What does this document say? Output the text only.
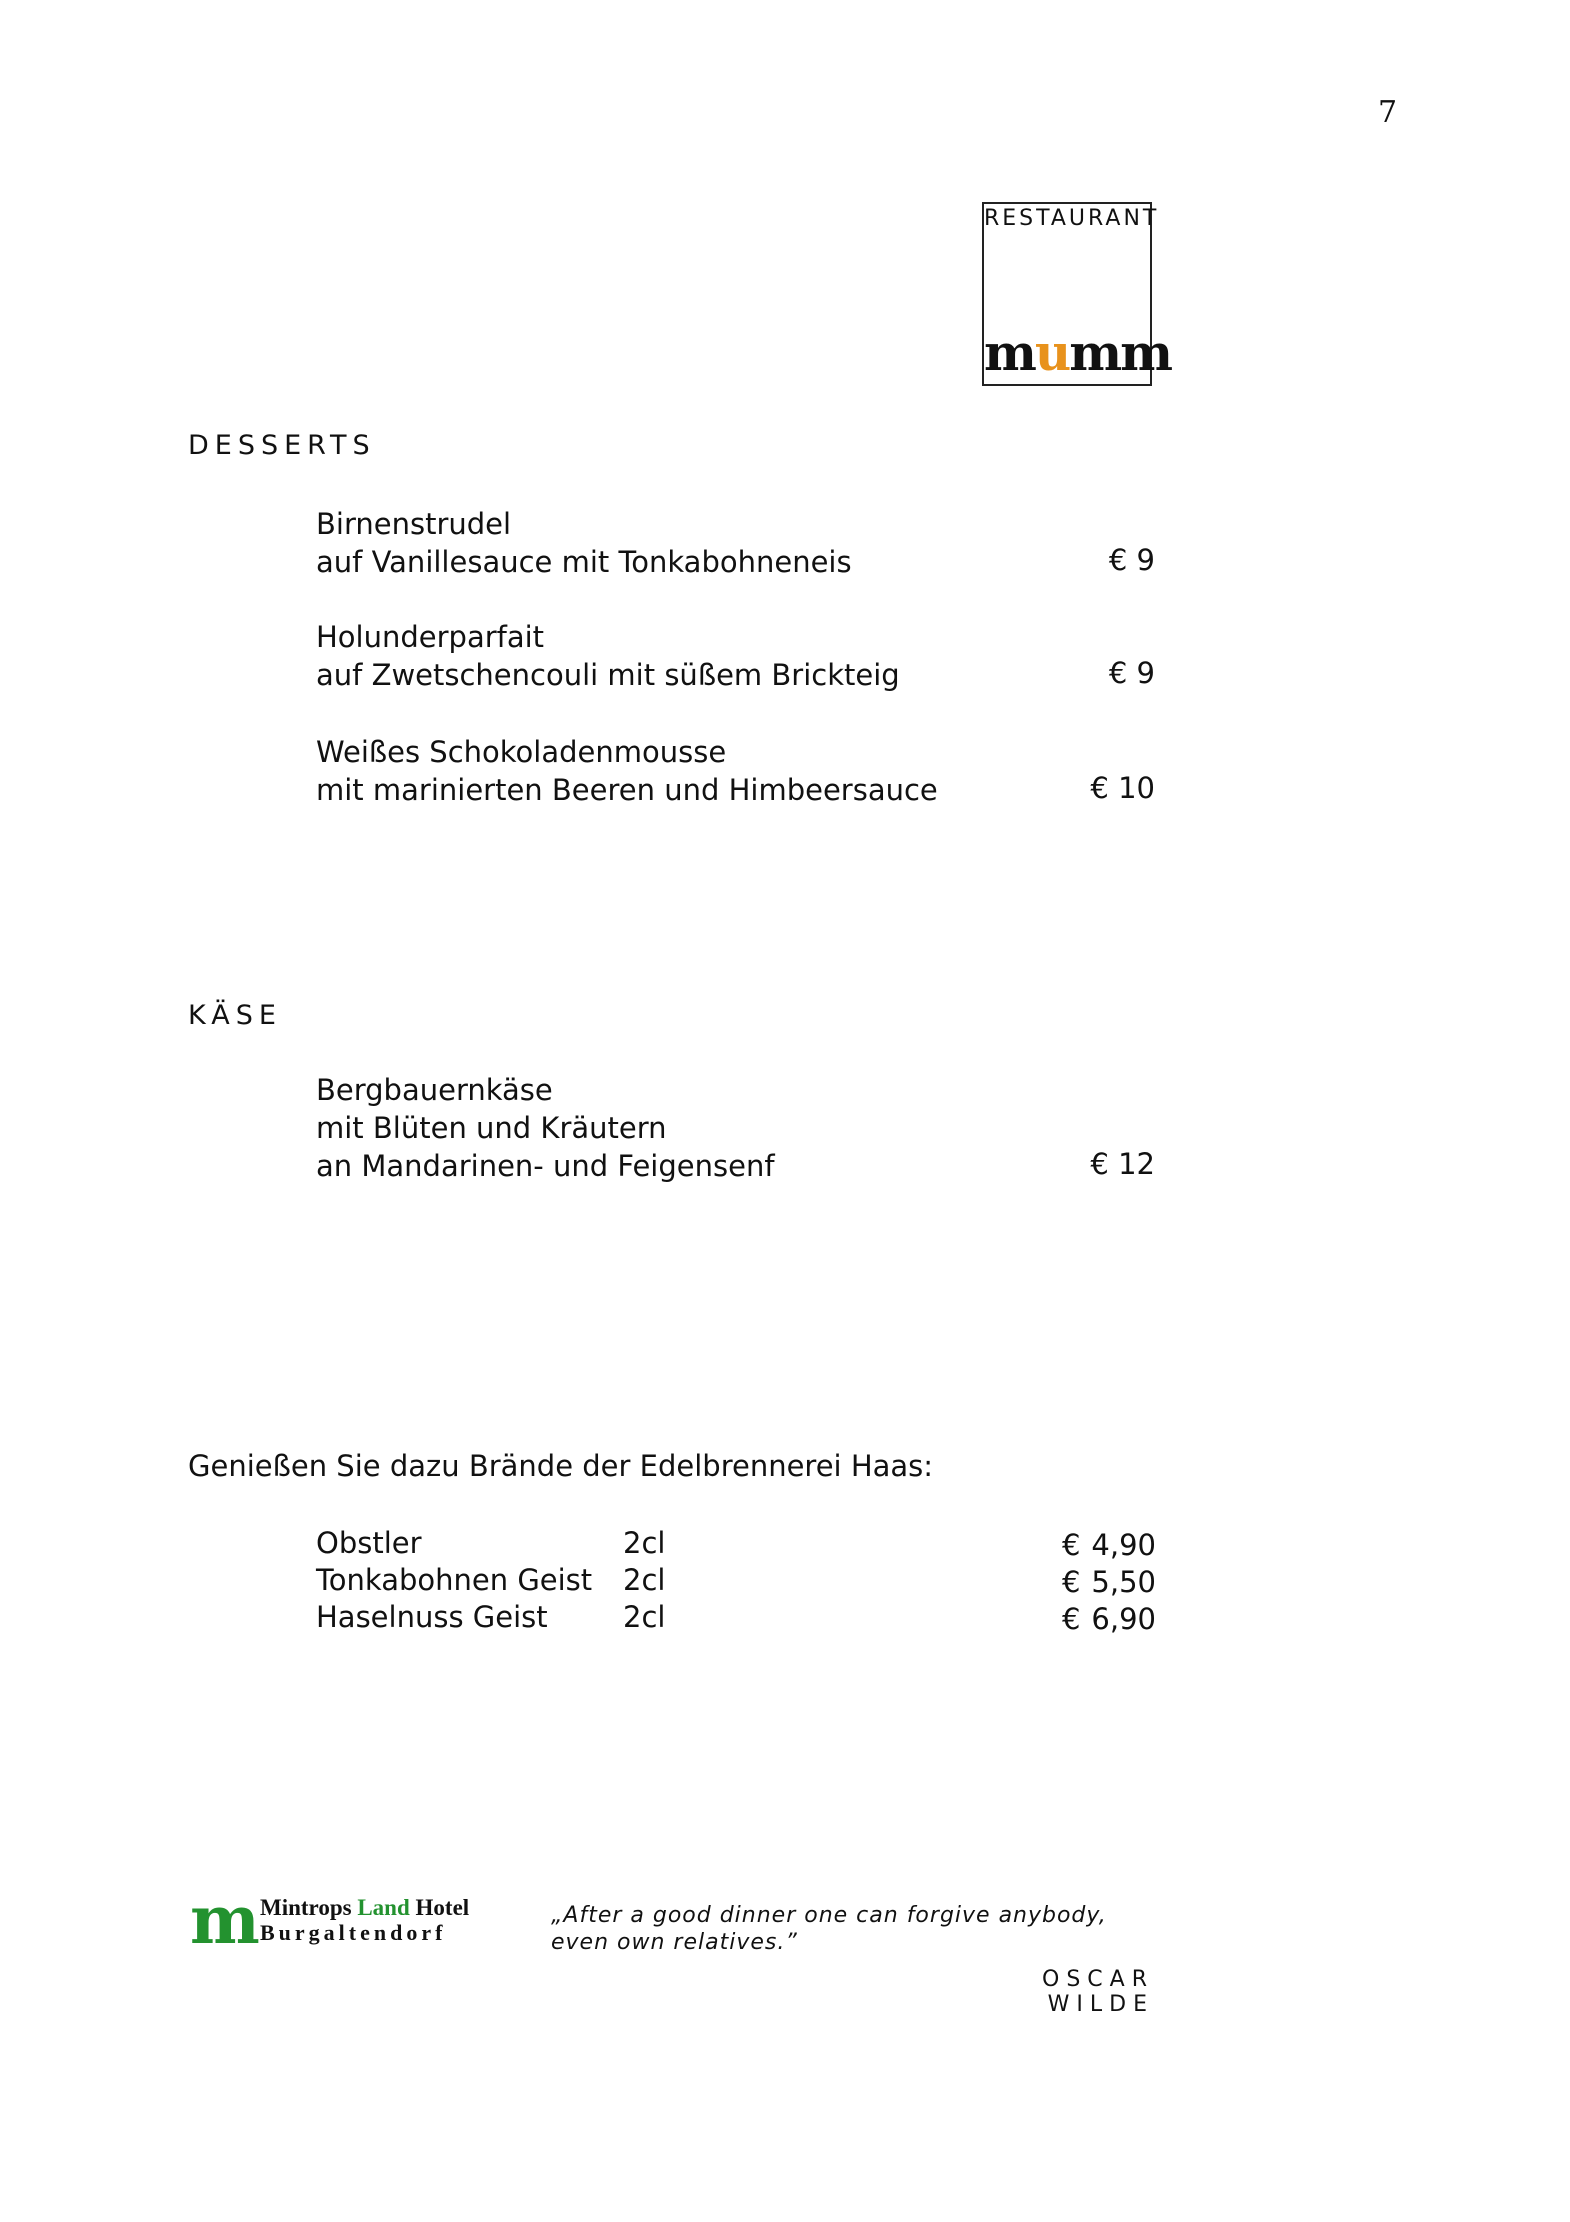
7
RESTAURANT
mumm
DESSERTS
Birnenstrudel
auf Vanillesauce mit Tonkabohneneis	€ 9
Holunderparfait
auf Zwetschencouli mit süßem Brickteig	€ 9
Weißes Schokoladenmousse
mit marinierten Beeren und Himbeersauce	€ 10
KÄSE
Bergbauernkäse
mit Blüten und Kräutern
an Mandarinen- und Feigensenf	€ 12
Genießen Sie dazu Brände der Edelbrennerei Haas:
Obstler	2cl	€ 4,90
Tonkabohnen Geist 2cl	€ 5,50
Haselnuss Geist	2cl	€ 6,90
m Mintrops Land Hotel
Burgaltendorf
„After a good dinner one can forgive anybody, even own relatives.”
OSCAR WILDE
